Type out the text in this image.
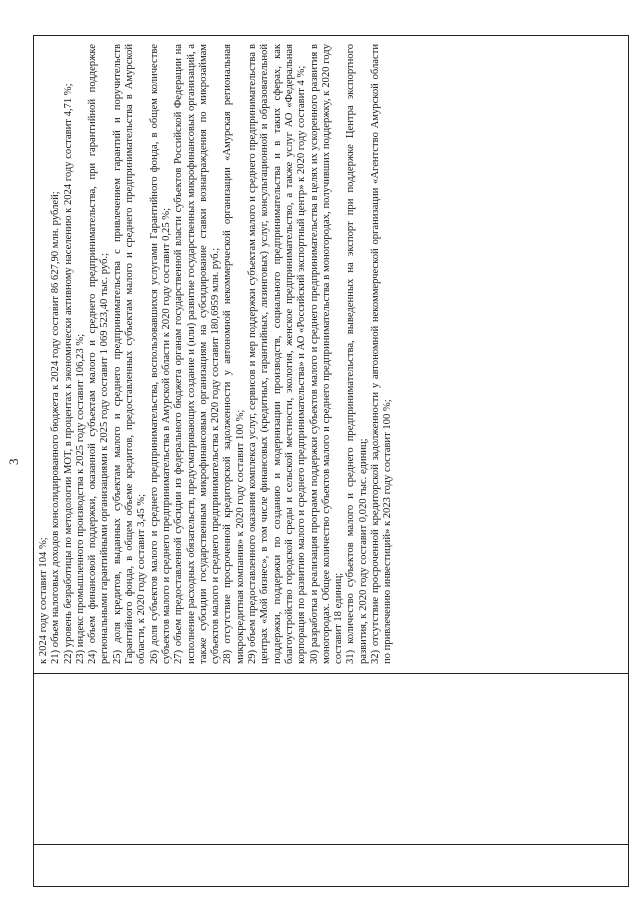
3

к 2024 году составит 104 %; 21) объем налоговых доходов консолидированного бюджета к 2024 году составит 86 627,90 млн. рублей; 22) уровень безработицы по методологии МОТ, в процентах к экономически активному населению к 2024 году составит 4,71 %; 23) индекс промышленного производства к 2025 году составит 106,23 %; 24) объем финансовой поддержки, оказанной субъектам малого и среднего предпринимательства, при гарантийной поддержке региональными гарантийными организациями к 2025 году составит 1 069 523,40 тыс. руб.; 25) доля кредитов, выданных субъектам малого и среднего предпринимательства с привлечением гарантий и поручительств Гарантийного фонда, в общем объеме кредитов, предоставленных субъектам малого и среднего предпринимательства в Амурской области, к 2020 году составит 3,45 %; 26) доля субъектов малого и среднего предпринимательства, воспользовавшихся услугами Гарантийного фонда, в общем количестве субъектов малого и среднего предпринимательства в Амурской области к 2020 году составит 0,25 %; 27) объем предоставленной субсидии из федерального бюджета органам государственной власти субъектов Российской Федерации на исполнение расходных обязательств, предусматривающих создание и (или) развитие государственных микрофинансовых организаций, а также субсидии государственным микрофинансовым организациям на субсидирование ставки вознаграждения по микрозаймам субъектов малого и среднего предпринимательства к 2020 году составит 180,6959 млн. руб.; 28) отсутствие просроченной кредиторской задолженности у автономной некоммерческой организации «Амурская региональная микрокредитная компания» к 2020 году составит 100 %; 29) объем предоставленного оказания комплекса услуг, сервисов и мер поддержки субъектам малого и среднего предпринимательства в центрах «Мой бизнес», в том числе финансовых (кредитных, гарантийных, лизинговых) услуг, консультационной и образовательной поддержки, поддержки по созданию и модернизации производств, социального предпринимательства и в таких сферах, как благоустройство городской среды и сельской местности, экология, женское предпринимательство, а также услуг АО «Федеральная корпорация по развитию малого и среднего предпринимательства» и АО «Российский экспортный центр» к 2020 году составит 4 %; 30) разработка и реализация программ поддержки субъектов малого и среднего предпринимательства в целях их ускоренного развития в моногородах. Общее количество субъектов малого и среднего предпринимательства в моногородах, получивших поддержку, к 2020 году составит 18 единиц; 31) количество субъектов малого и среднего предпринимательства, выведенных на экспорт при поддержке Центра экспортного развития, к 2020 году составит 0,020 тыс. единиц; 32) отсутствие просроченной кредиторской задолженности у автономной некоммерческой организации «Агентство Амурской области по привлечению инвестиций» к 2023 году составит 100 %;
